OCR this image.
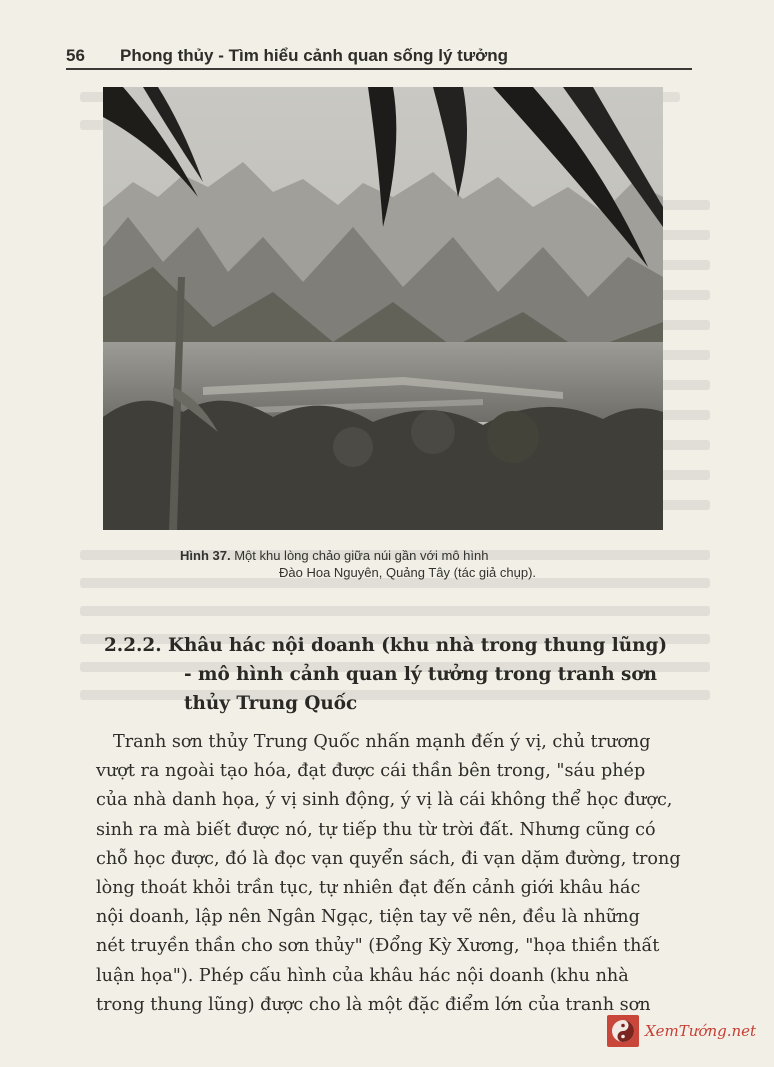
56 Phong thủy - Tìm hiểu cảnh quan sống lý tưởng
Hình 37. Một khu lòng chảo giữa núi gần với mô hình
Đào Hoa Nguyên, Quảng Tây (tác giả chụp).
2.2.2. Khâu hác nội doanh (khu nhà trong thung lũng)
- mô hình cảnh quan lý tưởng trong tranh sơn
thủy Trung Quốc
Tranh sơn thủy Trung Quốc nhấn mạnh đến ý vị, chủ trương
vượt ra ngoài tạo hóa, đạt được cái thần bên trong, "sáu phép
của nhà danh họa, ý vị sinh động, ý vị là cái không thể học được,
sinh ra mà biết được nó, tự tiếp thu từ trời đất. Nhưng cũng có
chỗ học được, đó là đọc vạn quyển sách, đi vạn dặm đường, trong
lòng thoát khỏi trần tục, tự nhiên đạt đến cảnh giới khâu hác
nội doanh, lập nên Ngân Ngạc, tiện tay vẽ nên, đều là những
nét truyền thần cho sơn thủy" (Đổng Kỳ Xương, "họa thiền thất
luận họa"). Phép cấu hình của khâu hác nội doanh (khu nhà
trong thung lũng) được cho là một đặc điểm lớn của tranh sơn
XemTướng.net
